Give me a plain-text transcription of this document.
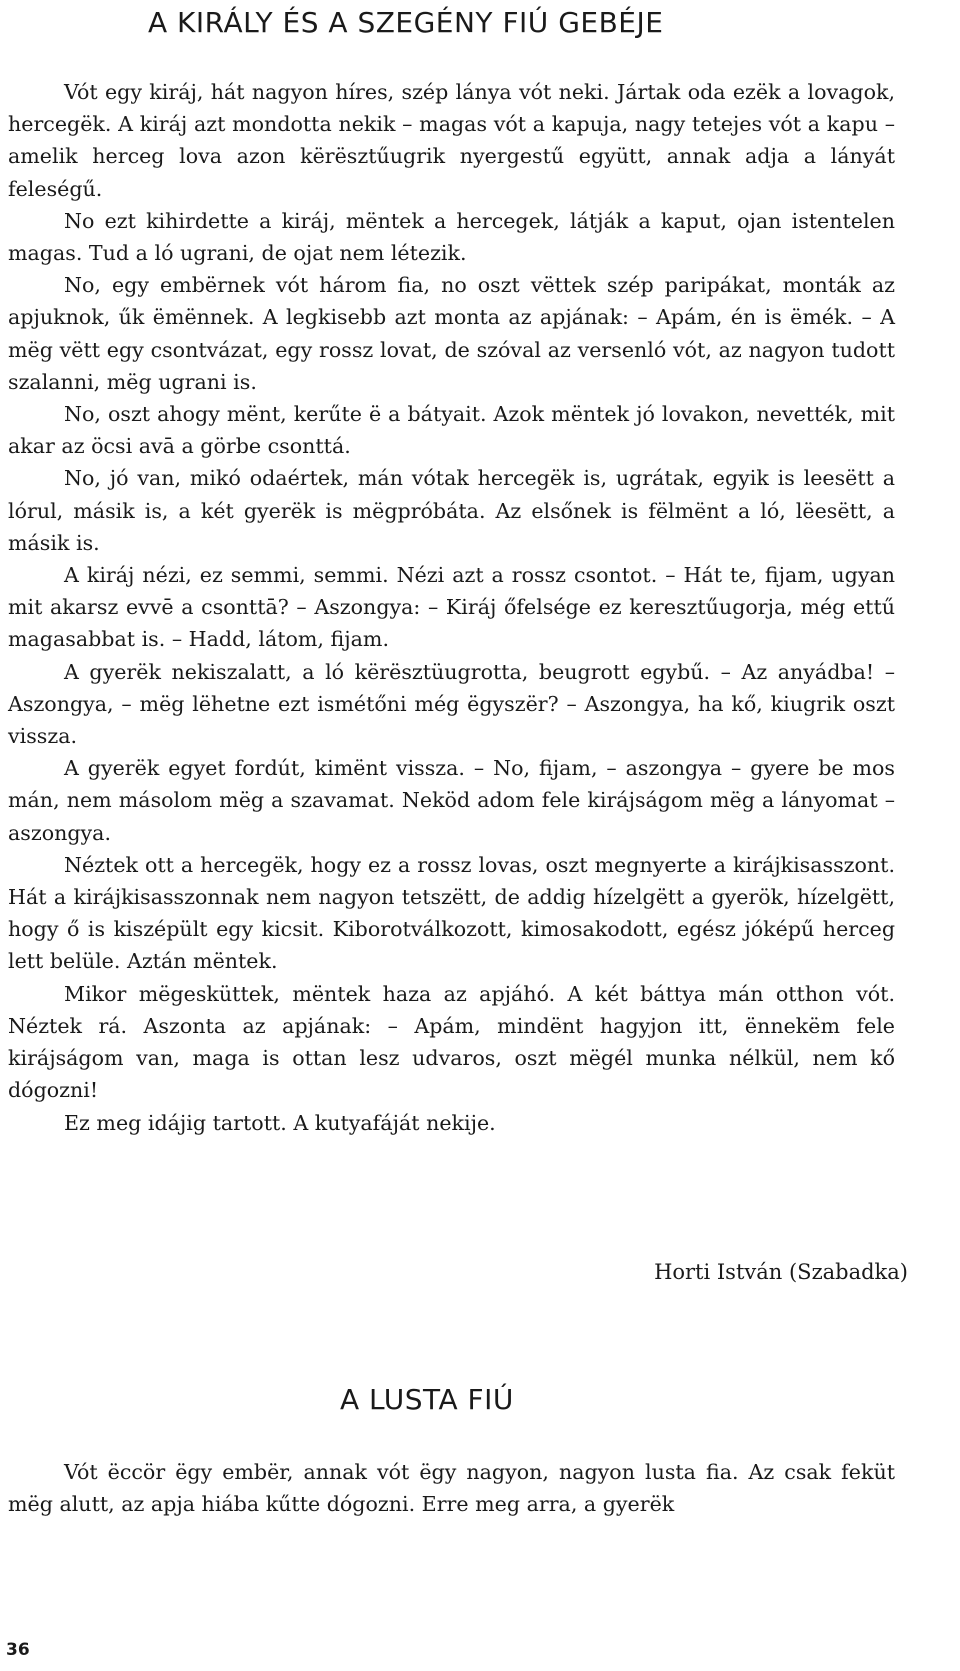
A KIRÁLY ÉS A SZEGÉNY FIÚ GEBÉJE

Vót egy kiráj, hát nagyon híres, szép lánya vót neki. Jártak oda ezëk a lovagok, hercegëk. A kiráj azt mondotta nekik – magas vót a kapuja, nagy tetejes vót a kapu – amelik herceg lova azon kërësztűugrik nyergestű együtt, annak adja a lányát feleségű.

No ezt kihirdette a kiráj, mëntek a hercegek, látják a kaput, ojan istentelen magas. Tud a ló ugrani, de ojat nem létezik.

No, egy embërnek vót három fia, no oszt vëttek szép paripákat, monták az apjuknok, űk ëmënnek. A legkisebb azt monta az apjának: – Apám, én is ëmék. – A mëg vëtt egy csontvázat, egy rossz lovat, de szóval az versenló vót, az nagyon tudott szalanni, mëg ugrani is.

No, oszt ahogy mënt, kerűte ë a bátyait. Azok mëntek jó lovakon, nevették, mit akar az öcsi avā a görbe csonttá.

No, jó van, mikó odaértek, mán vótak hercegëk is, ugrátak, egyik is leesëtt a lórul, másik is, a két gyerëk is mëgpróbáta. Az elsőnek is fëlmënt a ló, lëesëtt, a másik is.

A kiráj nézi, ez semmi, semmi. Nézi azt a rossz csontot. – Hát te, fijam, ugyan mit akarsz evvē a csonttā? – Aszongya: – Kiráj őfelsége ez keresztűugorja, még ettű magasabbat is. – Hadd, látom, fijam.

A gyerëk nekiszalatt, a ló kërësztüugrotta, beugrott egybű. – Az anyádba! – Aszongya, – mëg lëhetne ezt ismétőni még ëgyszër? – Aszongya, ha kő, kiugrik oszt vissza.

A gyerëk egyet fordút, kimënt vissza. – No, fijam, – aszongya – gyere be mos mán, nem másolom mëg a szavamat. Neköd adom fele kirájságom mëg a lányomat – aszongya.

Néztek ott a hercegëk, hogy ez a rossz lovas, oszt megnyerte a kirájkisasszont. Hát a kirájkisasszonnak nem nagyon tetszëtt, de addig hízelgëtt a gyerök, hízelgëtt, hogy ő is kiszépült egy kicsit. Kiborotválkozott, kimosakodott, egész jóképű herceg lett belüle. Aztán mëntek.

Mikor mëgesküttek, mëntek haza az apjáhó. A két báttya mán otthon vót. Néztek rá. Aszonta az apjának: – Apám, mindënt hagyjon itt, ënnekëm fele kirájságom van, maga is ottan lesz udvaros, oszt mëgél munka nélkül, nem kő dógozni!

Ez meg idájig tartott. A kutyafáját nekije.

Horti István (Szabadka)

A LUSTA FIÚ

Vót ëccör ëgy embër, annak vót ëgy nagyon, nagyon lusta fia. Az csak feküt mëg alutt, az apja hiába kűtte dógozni. Erre meg arra, a gyerëk

36
